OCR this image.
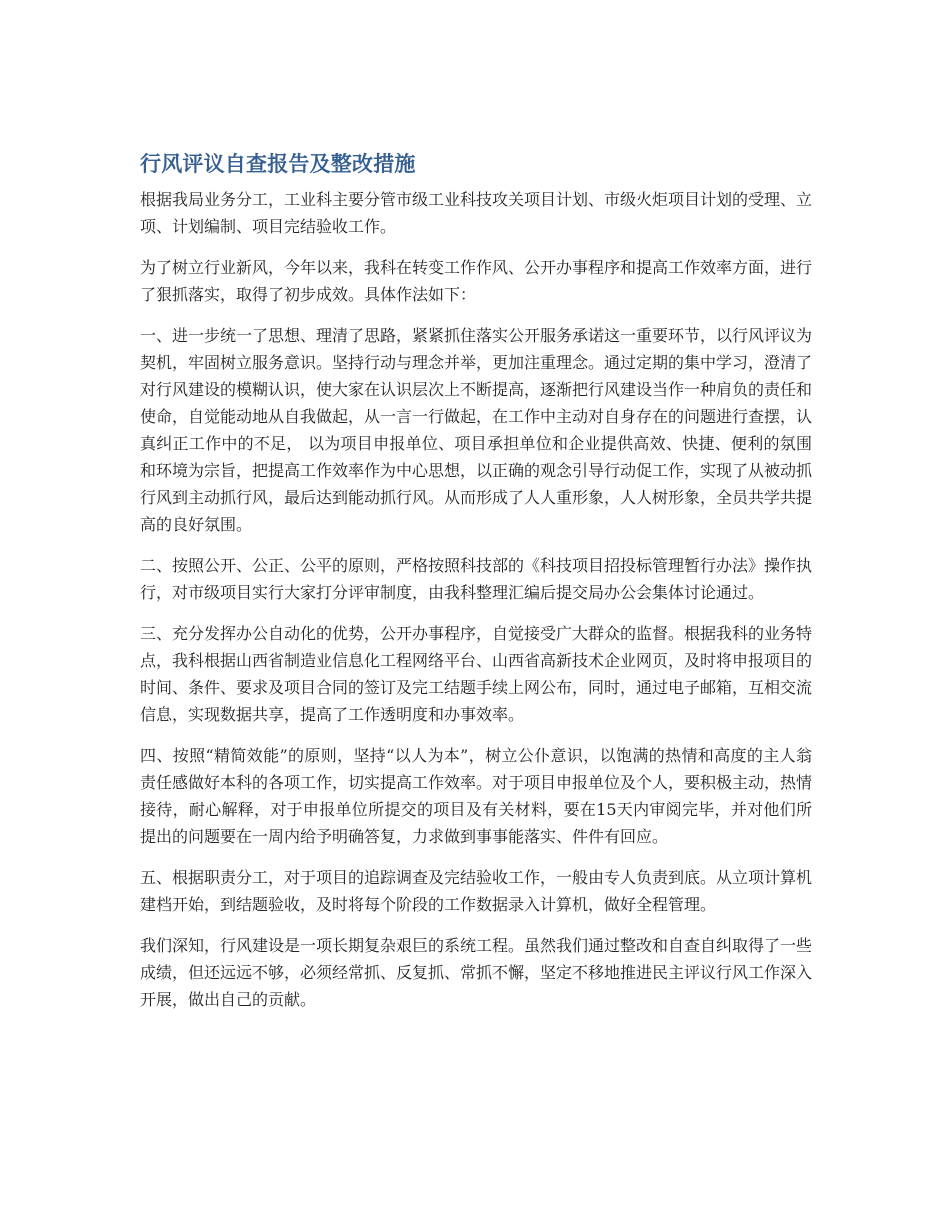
行风评议自查报告及整改措施

根据我局业务分工，工业科主要分管市级工业科技攻关项目计划、市级火炬项目计划的受理、立项、计划编制、项目完结验收工作。

为了树立行业新风，今年以来，我科在转变工作作风、公开办事程序和提高工作效率方面，进行了狠抓落实，取得了初步成效。具体作法如下：

一、进一步统一了思想、理清了思路，紧紧抓住落实公开服务承诺这一重要环节，以行风评议为契机，牢固树立服务意识。坚持行动与理念并举，更加注重理念。通过定期的集中学习，澄清了对行风建设的模糊认识，使大家在认识层次上不断提高，逐渐把行风建设当作一种肩负的责任和使命，自觉能动地从自我做起，从一言一行做起，在工作中主动对自身存在的问题进行查摆，认真纠正工作中的不足， 以为项目申报单位、项目承担单位和企业提供高效、快捷、便利的氛围和环境为宗旨，把提高工作效率作为中心思想，以正确的观念引导行动促工作，实现了从被动抓行风到主动抓行风，最后达到能动抓行风。从而形成了人人重形象，人人树形象，全员共学共提高的良好氛围。

二、按照公开、公正、公平的原则，严格按照科技部的《科技项目招投标管理暂行办法》操作执行，对市级项目实行大家打分评审制度，由我科整理汇编后提交局办公会集体讨论通过。

三、充分发挥办公自动化的优势，公开办事程序，自觉接受广大群众的监督。根据我科的业务特点，我科根据山西省制造业信息化工程网络平台、山西省高新技术企业网页，及时将申报项目的时间、条件、要求及项目合同的签订及完工结题手续上网公布，同时，通过电子邮箱，互相交流信息，实现数据共享，提高了工作透明度和办事效率。

四、按照“精简效能”的原则，坚持“以人为本”，树立公仆意识，以饱满的热情和高度的主人翁责任感做好本科的各项工作，切实提高工作效率。对于项目申报单位及个人，要积极主动，热情接待，耐心解释，对于申报单位所提交的项目及有关材料，要在15天内审阅完毕，并对他们所提出的问题要在一周内给予明确答复，力求做到事事能落实、件件有回应。

五、根据职责分工，对于项目的追踪调查及完结验收工作，一般由专人负责到底。从立项计算机建档开始，到结题验收，及时将每个阶段的工作数据录入计算机，做好全程管理。

我们深知，行风建设是一项长期复杂艰巨的系统工程。虽然我们通过整改和自查自纠取得了一些成绩，但还远远不够，必须经常抓、反复抓、常抓不懈，坚定不移地推进民主评议行风工作深入开展，做出自己的贡献。
